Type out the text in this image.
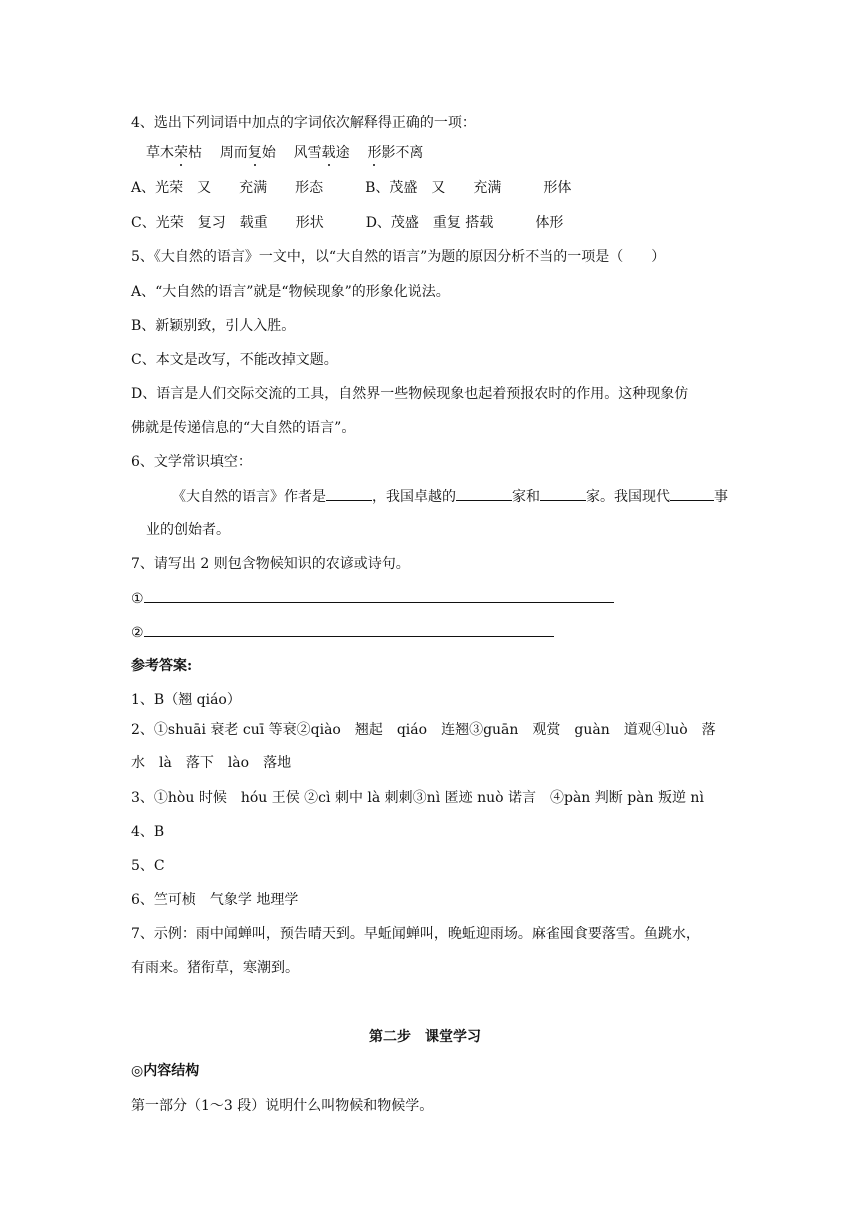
4、选出下列词语中加点的字词依次解释得正确的一项：
草木荣枯 周而复始 风雪载途 形影不离
A、光荣　又　　充满　　形态　　　B、茂盛　又　　充满　　　形体
C、光荣　复习　载重　　形状　　　D、茂盛　重复 搭载　　　体形
5、《大自然的语言》一文中，以“大自然的语言”为题的原因分析不当的一项是（　　）
A、“大自然的语言”就是“物候现象”的形象化说法。
B、新颖别致，引人入胜。
C、本文是改写，不能改掉文题。
D、语言是人们交际交流的工具，自然界一些物候现象也起着预报农时的作用。这种现象仿
佛就是传递信息的“大自然的语言”。
6、文学常识填空：
《大自然的语言》作者是	，我国卓越的	家和	家。我国现代	事
业的创始者。
7、请写出 2 则包含物候知识的农谚或诗句。
①
②
参考答案:
1、B（翘 qiáo）
2、①shuāi 衰老 cuī 等衰②qiào　翘起　qiáo　连翘③guān　观赏　guàn　道观④luò　落
水　là　落下　lào　落地
3、①hòu 时候　hóu 王侯 ②cì 刺中 là 刺刺③nì 匿迹 nuò 诺言　④pàn 判断 pàn 叛逆 nì
4、B
5、C
6、竺可桢　气象学 地理学
7、示例：雨中闻蝉叫，预告晴天到。早蚯闻蝉叫，晚蚯迎雨场。麻雀囤食要落雪。鱼跳水，
有雨来。猪衔草，寒潮到。
第二步　课堂学习
◎内容结构
第一部分（1～3 段）说明什么叫物候和物候学。
